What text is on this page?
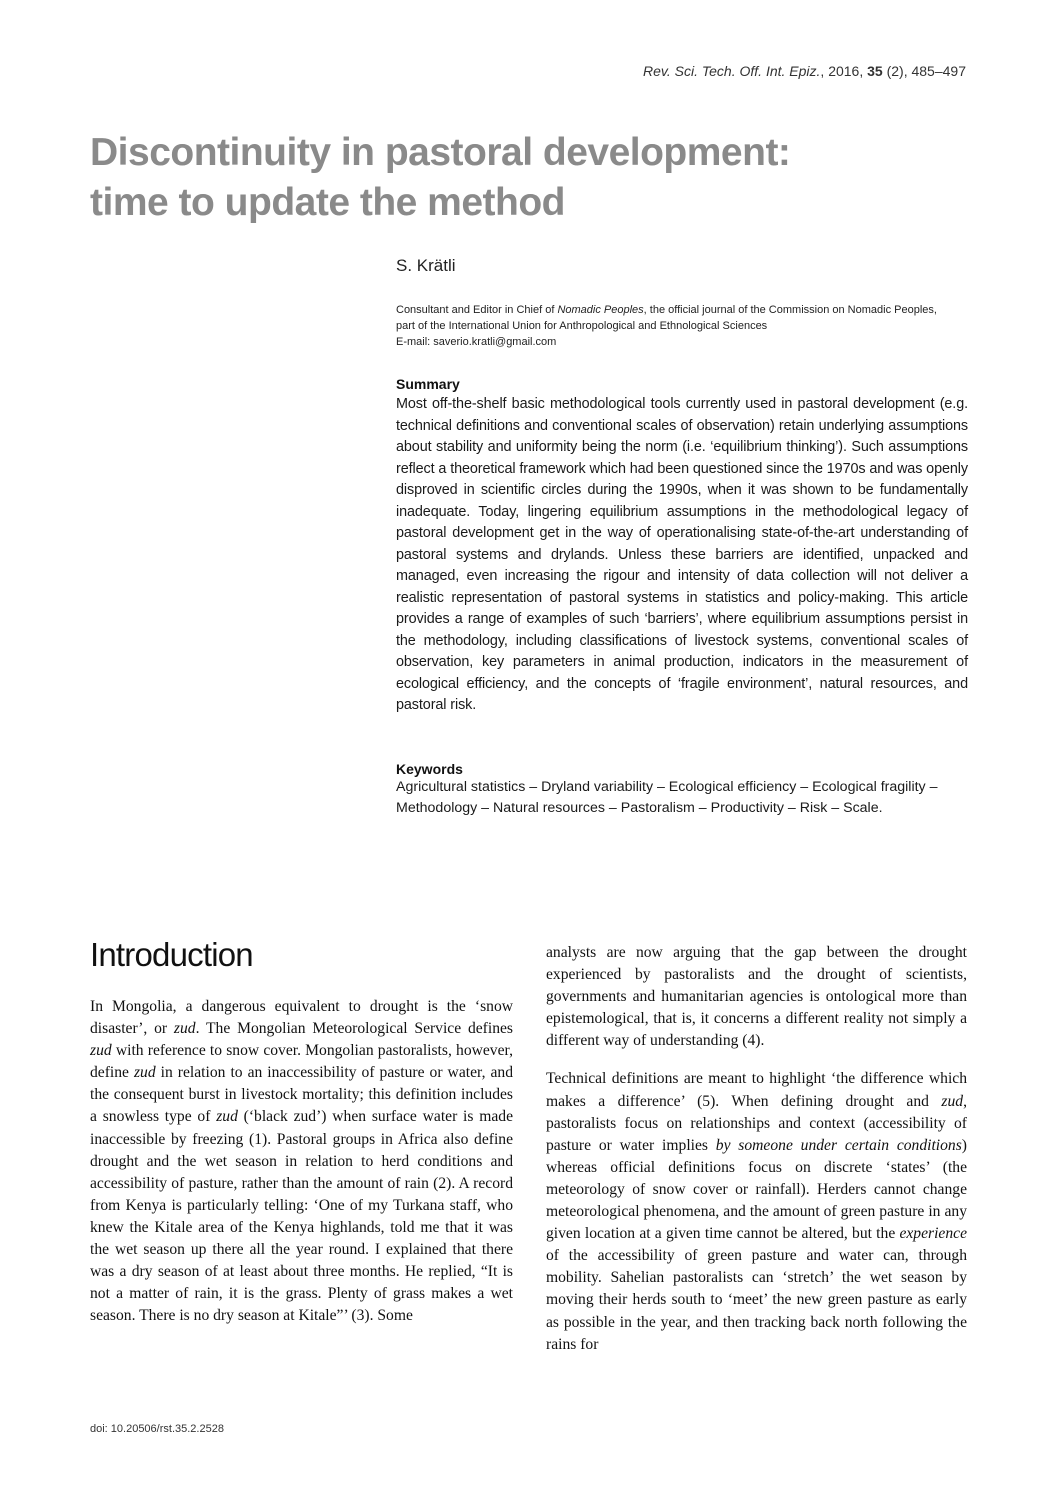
Rev. Sci. Tech. Off. Int. Epiz., 2016, 35 (2), 485–497
Discontinuity in pastoral development:
time to update the method
S. Krätli
Consultant and Editor in Chief of Nomadic Peoples, the official journal of the Commission on Nomadic Peoples,
part of the International Union for Anthropological and Ethnological Sciences
E-mail: saverio.kratli@gmail.com
Summary

Most off-the-shelf basic methodological tools currently used in pastoral development (e.g. technical definitions and conventional scales of observation) retain underlying assumptions about stability and uniformity being the norm (i.e. ‘equilibrium thinking’). Such assumptions reflect a theoretical framework which had been questioned since the 1970s and was openly disproved in scientific circles during the 1990s, when it was shown to be fundamentally inadequate. Today, lingering equilibrium assumptions in the methodological legacy of pastoral development get in the way of operationalising state-of-the-art understanding of pastoral systems and drylands. Unless these barriers are identified, unpacked and managed, even increasing the rigour and intensity of data collection will not deliver a realistic representation of pastoral systems in statistics and policy-making. This article provides a range of examples of such ‘barriers’, where equilibrium assumptions persist in the methodology, including classifications of livestock systems, conventional scales of observation, key parameters in animal production, indicators in the measurement of ecological efficiency, and the concepts of ‘fragile environment’, natural resources, and pastoral risk.

Keywords
Agricultural statistics – Dryland variability – Ecological efficiency – Ecological fragility –
Methodology – Natural resources – Pastoralism – Productivity – Risk – Scale.
Introduction

In Mongolia, a dangerous equivalent to drought is the ‘snow disaster’, or zud. The Mongolian Meteorological Service defines zud with reference to snow cover. Mongolian pastoralists, however, define zud in relation to an inaccessibility of pasture or water, and the consequent burst in livestock mortality; this definition includes a snowless type of zud (‘black zud’) when surface water is made inaccessible by freezing (1). Pastoral groups in Africa also define drought and the wet season in relation to herd conditions and accessibility of pasture, rather than the amount of rain (2). A record from Kenya is particularly telling: ‘One of my Turkana staff, who knew the Kitale area of the Kenya highlands, told me that it was the wet season up there all the year round. I explained that there was a dry season of at least about three months. He replied, “It is not a matter of rain, it is the grass. Plenty of grass makes a wet season. There is no dry season at Kitale”’ (3). Some

analysts are now arguing that the gap between the drought experienced by pastoralists and the drought of scientists, governments and humanitarian agencies is ontological more than epistemological, that is, it concerns a different reality not simply a different way of understanding (4).

Technical definitions are meant to highlight ‘the difference which makes a difference’ (5). When defining drought and zud, pastoralists focus on relationships and context (accessibility of pasture or water implies by someone under certain conditions) whereas official definitions focus on discrete ‘states’ (the meteorology of snow cover or rainfall). Herders cannot change meteorological phenomena, and the amount of green pasture in any given location at a given time cannot be altered, but the experience of the accessibility of green pasture and water can, through mobility. Sahelian pastoralists can ‘stretch’ the wet season by moving their herds south to ‘meet’ the new green pasture as early as possible in the year, and then tracking back north following the rains for

doi: 10.20506/rst.35.2.2528
